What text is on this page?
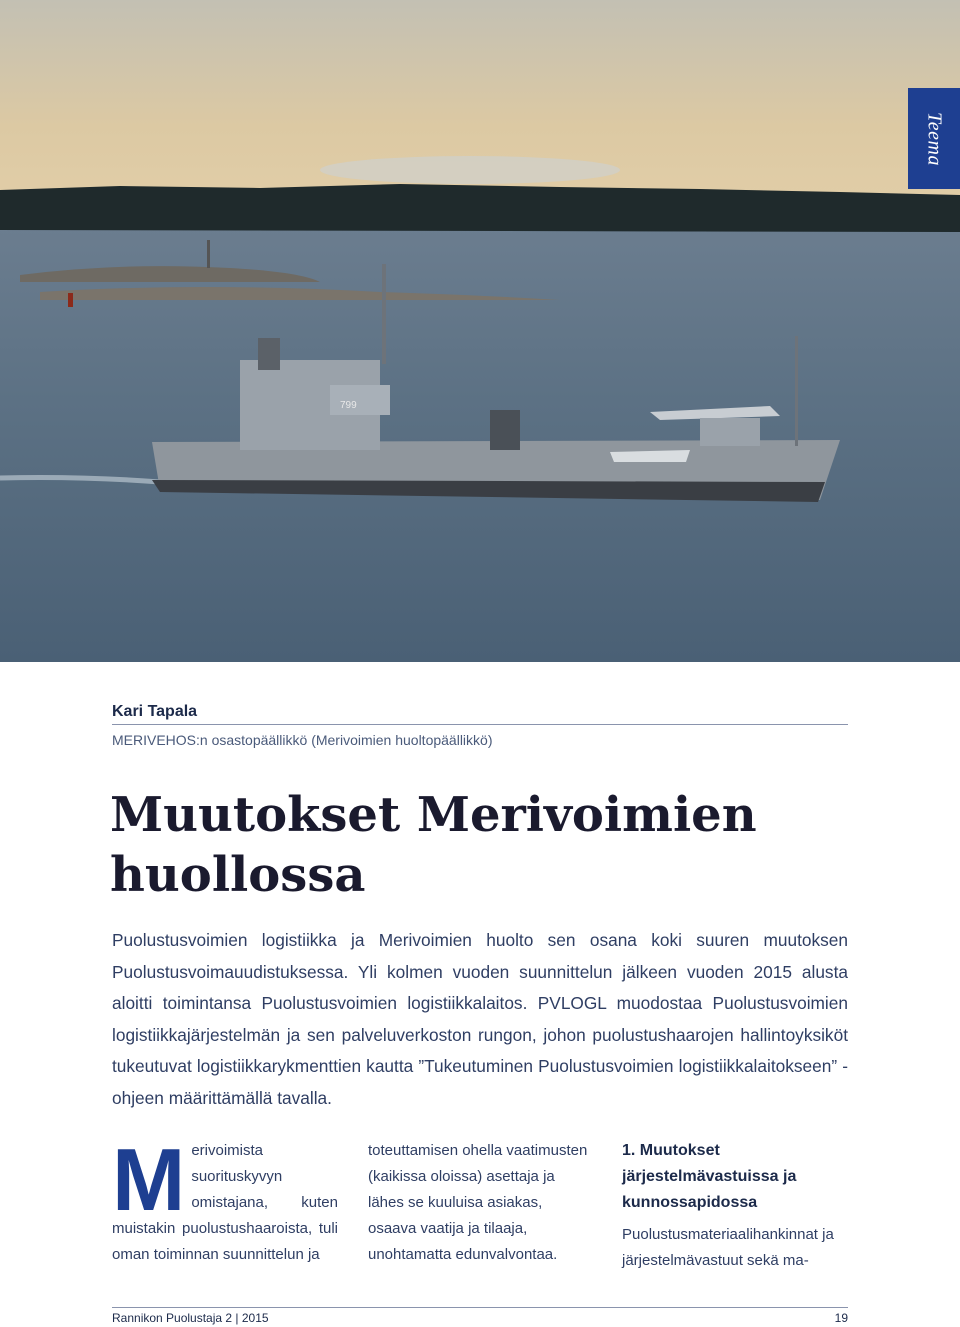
799
Teema
Kari Tapala
MERIVEHOS:n osastopäällikkö (Merivoimien huoltopäällikkö)
Muutokset Merivoimien
huollossa

Puolustusvoimien logistiikka ja Merivoimien huolto sen osana koki suuren muutoksen Puolustusvoimauudistuksessa. Yli kolmen vuoden suunnittelun jälkeen vuoden 2015 alusta aloitti toimintansa Puolustusvoimien logistiikkalaitos. PVLOGL muodostaa Puolustusvoimien logistiikkajärjestelmän ja sen palveluverkoston rungon, johon puolustushaarojen hallintoyksiköt tukeutuvat logistiikkarykmenttien kautta ”Tukeutuminen Puolustusvoimien logistiikkalaitokseen” -ohjeen määrittämällä tavalla.

Merivoimista suorituskyvyn omistajana, kuten muistakin puolustushaaroista, tuli oman toiminnan suunnittelun ja
toteuttamisen ohella vaatimusten (kaikissa oloissa) asettaja ja lähes se kuuluisa asiakas, osaava vaatija ja tilaaja, unohtamatta edunvalvontaa.

1. Muutokset järjestelmävastuissa ja kunnossapidossa

Puolustusmateriaalihankinnat ja järjestelmävastuut sekä ma-
Rannikon Puolustaja 2 | 2015	19
